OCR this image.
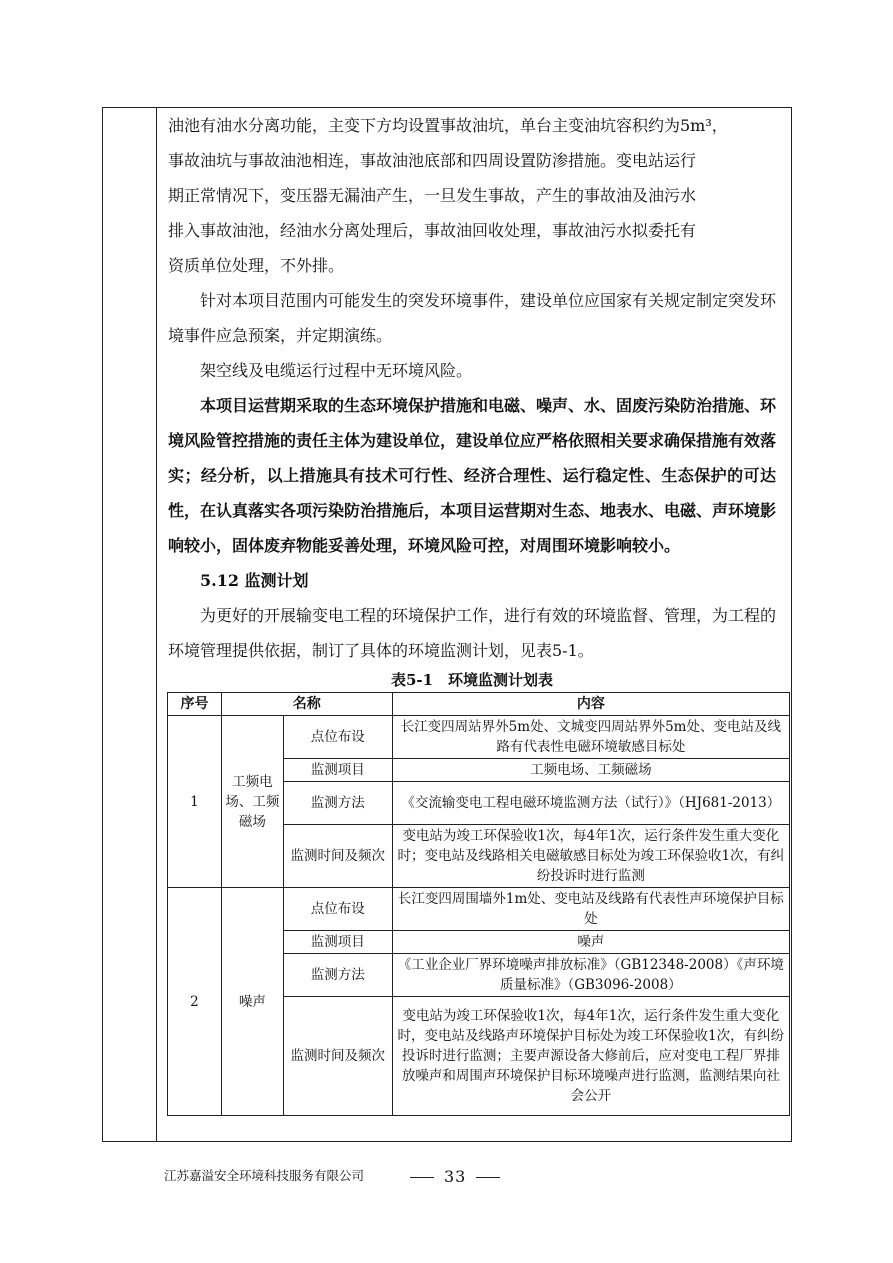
油池有油水分离功能，主变下方均设置事故油坑，单台主变油坑容积约为5m³，

事故油坑与事故油池相连，事故油池底部和四周设置防渗措施。变电站运行

期正常情况下，变压器无漏油产生，一旦发生事故，产生的事故油及油污水

排入事故油池，经油水分离处理后，事故油回收处理，事故油污水拟委托有

资质单位处理，不外排。

针对本项目范围内可能发生的突发环境事件，建设单位应国家有关规定制定突发环境事件应急预案，并定期演练。

架空线及电缆运行过程中无环境风险。

本项目运营期采取的生态环境保护措施和电磁、噪声、水、固废污染防治措施、环境风险管控措施的责任主体为建设单位，建设单位应严格依照相关要求确保措施有效落实；经分析，以上措施具有技术可行性、经济合理性、运行稳定性、生态保护的可达性，在认真落实各项污染防治措施后，本项目运营期对生态、地表水、电磁、声环境影响较小，固体废弃物能妥善处理，环境风险可控，对周围环境影响较小。

5.12 监测计划

为更好的开展输变电工程的环境保护工作，进行有效的环境监督、管理，为工程的环境管理提供依据，制订了具体的环境监测计划，见表5-1。

表5-1　环境监测计划表
序号	名称		内容
1	工频电场、工频磁场	点位布设	长江变四周站界外5m处、文城变四周站界外5m处、变电站及线路有代表性电磁环境敏感目标处
		监测项目	工频电场、工频磁场
		监测方法	《交流输变电工程电磁环境监测方法（试行）》（HJ681-2013）
		监测时间及频次	变电站为竣工环保验收1次，每4年1次，运行条件发生重大变化时；变电站及线路相关电磁敏感目标处为竣工环保验收1次，有纠纷投诉时进行监测
2	噪声	点位布设	长江变四周围墙外1m处、变电站及线路有代表性声环境保护目标处
		监测项目	噪声
		监测方法	《工业企业厂界环境噪声排放标准》（GB12348-2008）《声环境质量标准》（GB3096-2008）
		监测时间及频次	变电站为竣工环保验收1次，每4年1次，运行条件发生重大变化时，变电站及线路声环境保护目标处为竣工环保验收1次，有纠纷投诉时进行监测；主要声源设备大修前后，应对变电工程厂界排放噪声和周围声环境保护目标环境噪声进行监测，监测结果向社会公开
江苏嘉溢安全环境科技服务有限公司	33
